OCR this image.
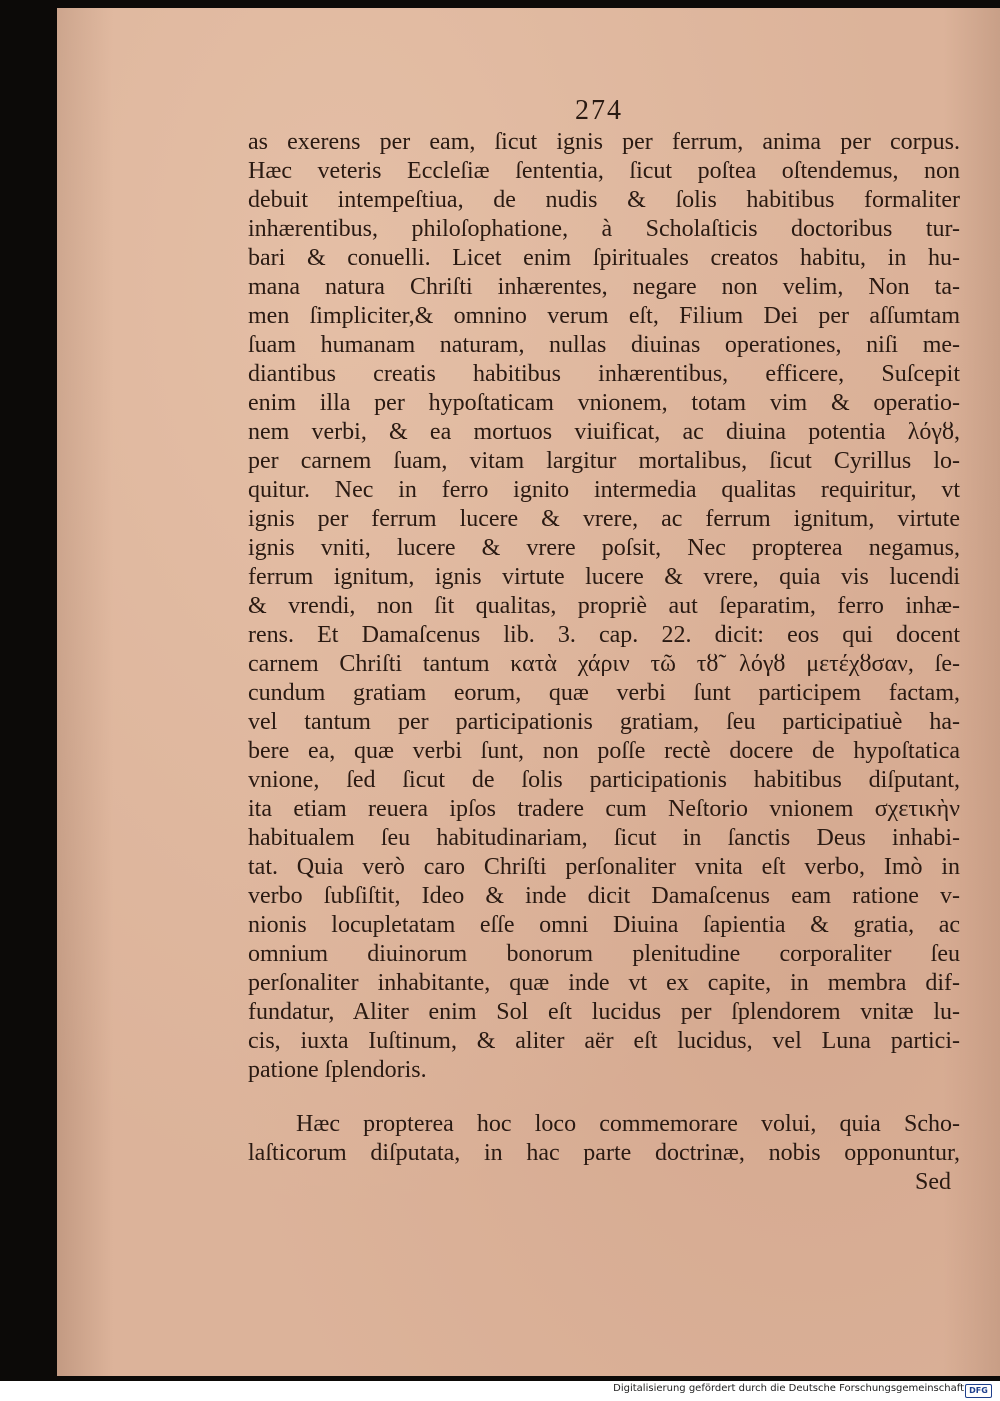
274
as exerens per eam, ſicut ignis per ferrum, anima per corpus.
Hæc veteris Eccleſiæ ſententia, ſicut poſtea oſtendemus, non
debuit intempeſtiua, de nudis & ſolis habitibus formaliter
inhærentibus, philoſophatione, à Scholaſticis doctoribus tur-
bari & conuelli. Licet enim ſpirituales creatos habitu, in hu-
mana natura Chriſti inhærentes, negare non velim, Non ta-
men ſimpliciter,& omnino verum eſt, Filium Dei per aſſumtam
ſuam humanam naturam, nullas diuinas operationes, niſi me-
diantibus creatis habitibus inhærentibus, efficere, Suſcepit
enim illa per hypoſtaticam vnionem, totam vim & operatio-
nem verbi, & ea mortuos viuificat, ac diuina potentia λόγȣ,
per carnem ſuam, vitam largitur mortalibus, ſicut Cyrillus lo-
quitur. Nec in ferro ignito intermedia qualitas requiritur, vt
ignis per ferrum lucere & vrere, ac ferrum ignitum, virtute
ignis vniti, lucere & vrere poſsit, Nec propterea negamus,
ferrum ignitum, ignis virtute lucere & vrere, quia vis lucendi
& vrendi, non ſit qualitas, propriè aut ſeparatim, ferro inhæ-
rens. Et Damaſcenus lib. 3. cap. 22. dicit: eos qui docent
carnem Chriſti tantum κατὰ χάριν τῶ τȣ̃ λόγȣ μετέχȣσαν, ſe-
cundum gratiam eorum, quæ verbi ſunt participem factam,
vel tantum per participationis gratiam, ſeu participatiuè ha-
bere ea, quæ verbi ſunt, non poſſe rectè docere de hypoſtatica
vnione, ſed ſicut de ſolis participationis habitibus diſputant,
ita etiam reuera ipſos tradere cum Neſtorio vnionem σχετικὴν
habitualem ſeu habitudinariam, ſicut in ſanctis Deus inhabi-
tat. Quia verò caro Chriſti perſonaliter vnita eſt verbo, Imò in
verbo ſubſiſtit, Ideo & inde dicit Damaſcenus eam ratione v-
nionis locupletatam eſſe omni Diuina ſapientia & gratia, ac
omnium diuinorum bonorum plenitudine corporaliter ſeu
perſonaliter inhabitante, quæ inde vt ex capite, in membra dif-
fundatur, Aliter enim Sol eſt lucidus per ſplendorem vnitæ lu-
cis, iuxta Iuſtinum, & aliter aër eſt lucidus, vel Luna partici-
patione ſplendoris.
Hæc propterea hoc loco commemorare volui, quia Scho-
laſticorum diſputata, in hac parte doctrinæ, nobis opponuntur,
Sed
Digitalisierung gefördert durch die Deutsche Forschungsgemeinschaft DFG
